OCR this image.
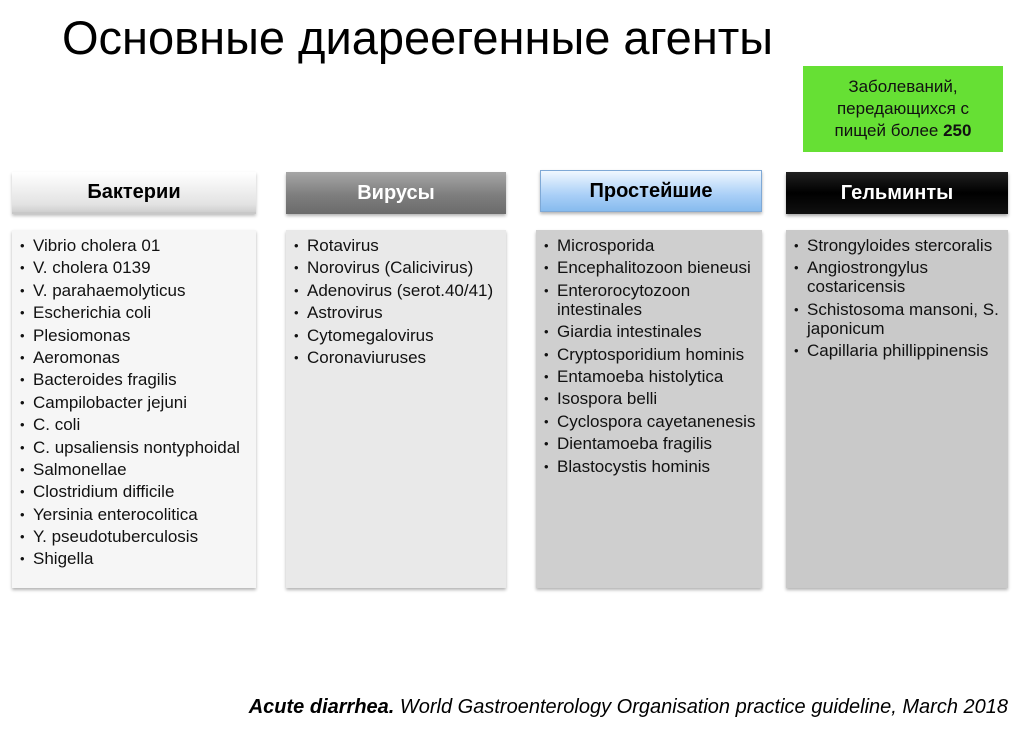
Основные диареегенные агенты
Заболеваний,
передающихся с
пищей более 250
Бактерии	Вирусы	Простейшие	Гельминты
• Vibrio cholera 01
• V. cholera 0139
• V. parahaemolyticus
• Escherichia coli
• Plesiomonas
• Aeromonas
• Bacteroides fragilis
• Campilobacter jejuni
• C. coli
• C. upsaliensis nontyphoidal
• Salmonellae
• Clostridium difficile
• Yersinia enterocolitica
• Y. pseudotuberculosis
• Shigella
• Rotavirus
• Norovirus (Calicivirus)
• Adenovirus (serot.40/41)
• Astrovirus
• Cytomegalovirus
• Coronaviuruses
• Microsporida
• Encephalitozoon bieneusi
• Enterorocytozoon intestinales
• Giardia intestinales
• Cryptosporidium hominis
• Entamoeba histolytica
• Isospora belli
• Cyclospora cayetanenesis
• Dientamoeba fragilis
• Blastocystis hominis
• Strongyloides stercoralis
• Angiostrongylus costaricensis
• Schistosoma mansoni, S. japonicum
• Capillaria phillippinensis
Acute diarrhea. World Gastroenterology Organisation practice guideline, March 2018
